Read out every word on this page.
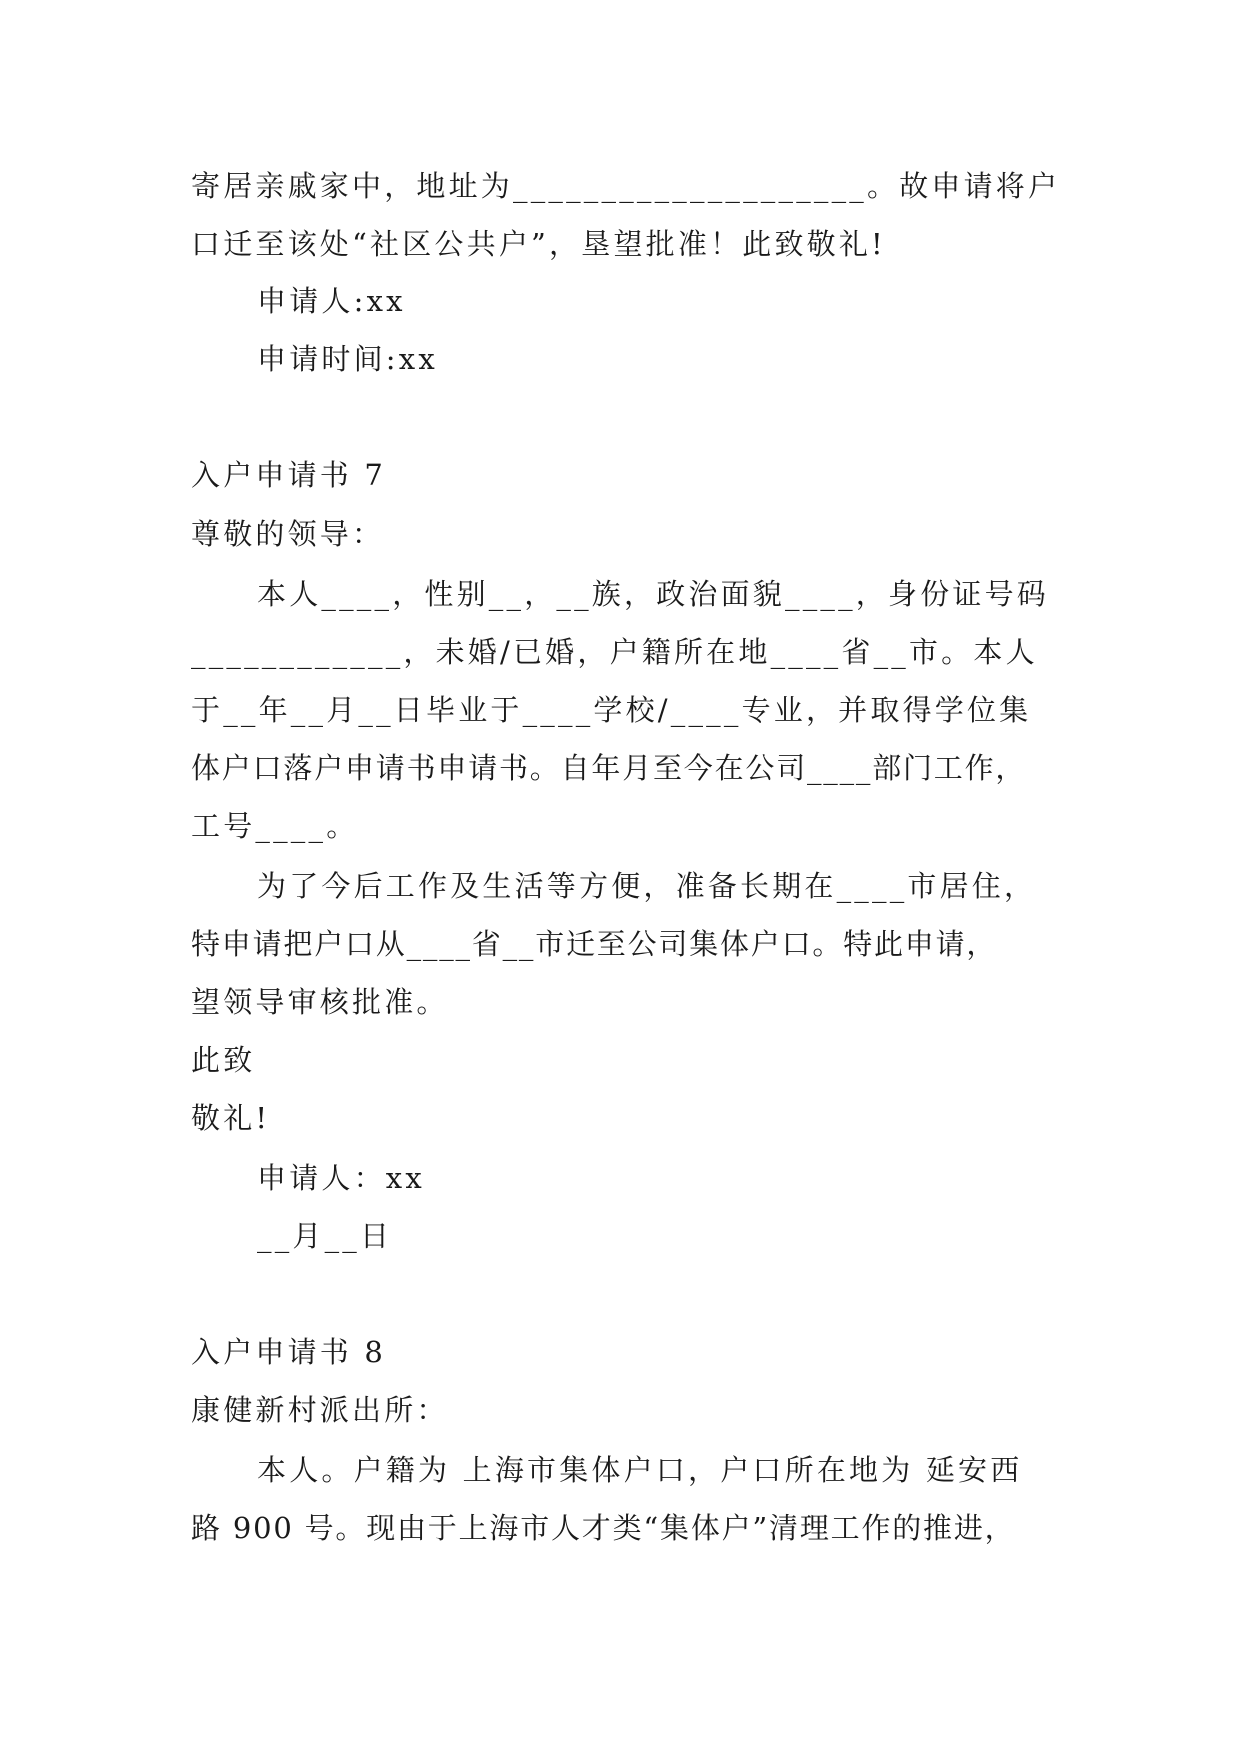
寄居亲戚家中，地址为____________________。故申请将户
口迁至该处“社区公共户”，垦望批准！此致敬礼!
申请人:xx
申请时间:xx
入户申请书 7
尊敬的领导：
本人____，性别__，__族，政治面貌____，身份证号码
____________，未婚/已婚，户籍所在地____省__市。本人
于__年__月__日毕业于____学校/____专业，并取得学位集
体户口落户申请书申请书。自年月至今在公司____部门工作，
工号____。
为了今后工作及生活等方便，准备长期在____市居住，
特申请把户口从____省__市迁至公司集体户口。特此申请，
望领导审核批准。
此致
敬礼!
申请人：xx
__月__日
入户申请书 8
康健新村派出所：
本人。户籍为 上海市集体户口，户口所在地为 延安西
路 900 号。现由于上海市人才类“集体户”清理工作的推进，
